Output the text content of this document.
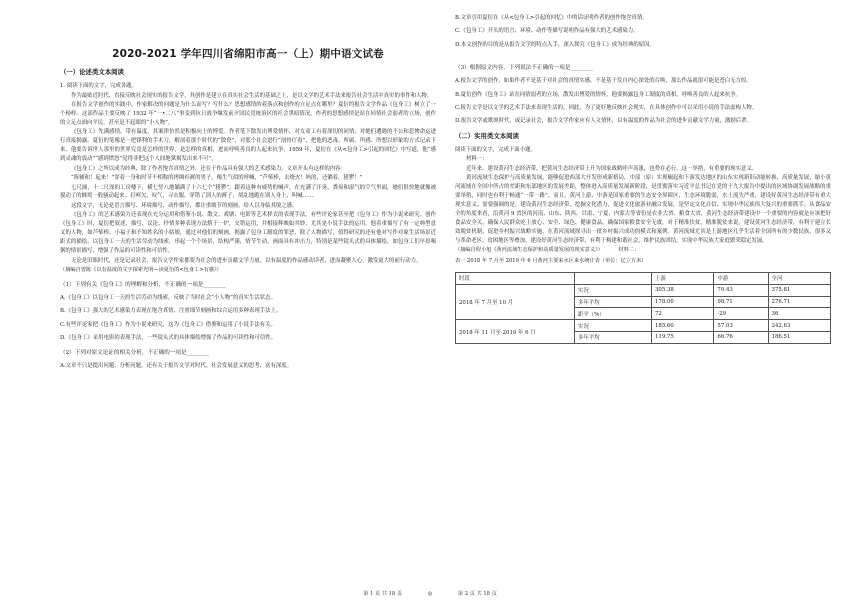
2020-2021 学年四川省绵阳市高一（上）期中语文试卷
（一）论述类文本阅读
1. 阅读下面的文字，完成各题。
作为最贴近时代、直接反映社会现实的报告文学，其创作是建立在真实社会生活的基础之上，是以文学的艺术手法来报告社会生活中真实的事件和人物。
在报告文学创作的实践中，作家解决的问题是为什么而写？写什么？思想感情的着落点和创作的立足点在哪里？夏衍的报告文学作品《包身工》树立了一个榜样。这部作品主要反映了 1932 年“一•二八”事变到抗日战争爆发前夕国民党统治区的社会黑暗情况。作者的思想感情是站在同情社会弱者的立场，创作的立足点面向平民，甚至是不起眼的“小人物”。
《包身工》先满感情、带有温度，其案律仿然是积极向上的博爱。作者笔下散发出博爱情怀，对女童工有着深切的同情，对她们遭遇的不公和悲惨命运进行真接揭露。夏衍的笔像是一把锋利的手术刀，解剖着那个时代的“散瓷”，对那个社会进行“剖骨疗毒”，把他的恶毒、所属、所感、所想以形象的方式记录下来。他要告诉世人那里的世界究竟是怎样的世界，是怎样的真相，进而呼唤善良的人起来抗争。1959 年，夏衍在《从<包身工>引起的回忆》中写道，他“感到灵魂的震动”“感到愤怒”觉得非把这个人间地狱揭发出来不可”。
《包身工》之所以成为经典，除了作者饱含真情之外，还在于作品具有强大的艺术感染力。文章开头有这样的内容：
“拆辅和！起来！”穿着一身和时节不相称的拷绸衫裤的男子，像生气似的呼喊，“芦柴棒，去烧火！妈的，还躺着，猪猡！”
七尺阔，十二尺深的工房楼下，横七竖八地躺满了十六七个“猪猡”。跟着这种有威势的喊声，在充满了汗臭、粪臭和湿气的空气里面，她们很快地就像被搅动了的蜂窝一般骚动起来。打呵欠，叹气，寻衣服，穿错了别人的裤子，胡乱地跑在别人身上，叫喊……
这段文字，无论是语言描写、环境描写、动作描写，都注重细节的刻画，给人以身临其境之感。
《包身工》的艺术感染力还表现在充分运用和借鉴小说、散文、戏剧、电影等艺术样式的表现手法，有些评论家甚至把《包身工》作为小说来研究。创作《包身工》时，夏衍把叙述、描写、议论、抒情多种表现方法熔于一炉，交错运用，并相接辉映如其妙，尤其是小说手法的运用。他着重描写了有一定典型意义的人物，如芦柴棒、小福子和不知姓名的小姑娘，通过对他们的刻画，揭露了包身工制度的罪恶，除了人物描写，值得研究的还有他对写作对象生活场景近距式的描绘，以包身工一天的生活劳动为线索，串起一个个场景，结构严谨，情节生动，画面具有冲击力，特别是某些镜头式的具体描绘，如包身工们早晨喝粥的情景描写，增强了作品的可读性和可信性。
无论是旧瓶时代，还是记录社会，报告文学作家都要为社会的进步贡献文学力量，以有温度的作品感动读者，进而凝聚人心，激发更大的前行动力。
（摘编自曾陈《以有温度的文字探索光明—读夏衍的<包身工>有感》）
（1）下列有关《包身工》的理解和分析，不正确的一项是________
A.《包身工》以包身工一天的生活劳动为线索，反映了当时社会“小人物”的真实生活状态。
B.《包身工》强大的艺术感染力表现在饱含真情、注重细节刻画和综合运用多种表现手法上。
C.有些评论家把《包身工》作为小说来研究，这为《包身工》借鉴和运用了小说手法有关。
D.《包身工》采用电影的表现手法，一些镜头式的具体描绘增强了作品的可读性和可信性。
（2）下列对原文论证的相关分析，不正确的一项是________
A.文章不只是提出问题、分析问题，还有关于报告文学对时代、社会发展意义的思考，富有深度。
B.文章引用夏衍在《从<包身工>引起的回忆》中的话证明作者的创作饱含真情。
C.《包身工》开头的语言、环境、动作等描写说明作品有强大的艺术感染力。
D.本文创作的目的是从报告文学的特点入手，深入探究《包身工》成为经典的原因。
（3）根据原文内容，下列说法不正确的一项是________
A.报告文学的创作，如果作者不是基于对社会的真情实感，不是基于发自内心深处的召唤，那么作品就很可能是苍白无力的。
B.夏衍创作《包身工》站在同情弱者的立场，散发出博爱的情怀，他要揭露包身工制度的真相，呼唤善良的人起来抗争。
C.报告文学是以文学的艺术手法来表现生活的，因此，为了更好地反映社会现实，在具体创作中可以采用小说的手法虚构人物。
D.报告文学或歌颂时代，或记录社会，报告文学作家应有人文情怀，以有温度的作品为社会的进步贡献文学力量，激励后辈。
（二）实用类文本阅读
阅读下面的文字，完成下面小题。
材料一：
近年来，建设黄河生态经济带，把黄河生态经济带上升为国家战略呼声高涨，也势在必行。这一举措，有重要的现实意义。
黄河流域生态保护与高质量发展，能够促进西部大开发形成新格局，中部（原）实现崛起和下游发达地区的山东实现新旧动能转换、高质量发展，缩小黄河流域在全国中所占的差距和东部地区的发展差距，整体进入高质量发展新阶段，是贯彻落实习近平总书记在党的十九大报告中提出的区域协调发展战略的重要举措，同时也有利于畅通“一带一路”。而且，黄河上游、中游是国家重要的生态安全屏障区，生态环境脆弱，水土流失严重，建设好黄河生态经济带有重大现实意义。需要强调的是，建设黄河生态经济带，挖掘文化潜力，促进文化旅游业融合发展，是坚定文化自信、实现中华民族伟大复兴的重要抓手。从食品安全的角度来看，沿黄河 9 省区的河南、山东、陕西、甘肃、宁夏、内蒙古等省份是农业大省、粮食大省，黄河生态经济带建设中一个重要的内容就是应该把好食品安全关，确保人民群众吃上放心、安全、绿色、健康食品，确保国家粮食安全无虞。对于精准扶贫，精准脱贫来说，建设黄河生态经济带，有利于建立长效脱贫机制，促进乡村振兴战略实施。在黄河流域探寻出一批乡村振兴成功的模式和案例。黄河流域尤其是上游地区几乎生活着全国所有的少数民族，很多又与革命老区、贫困地区等叠加，建设好黄河生态经济带，有利于构建和谐社会，维护民族团结，实现中华民族大家庭繁荣稳定发展。
（摘编自程小旭《黄河流域生态保护和高质量发展的现实意义》）	材料二：
表一 2018 年 7 月至 2019 年 6 月黄河主要来水区来水统计表（单位：亿立方米）
时段		上游	中游	全河
2018 年 7 月至 10 月	实况	305.38	70.43	375.81
	多年平均	178.00	98.71	276.71
	距平（%）	72	-29	36
2018 年 11 月至 2019 年 6 月	实况	185.60	57.03	242.63
	多年平均	119.75	66.76	186.51
第 1 页 共 18 页	◎	第 2 页 共 18 页
